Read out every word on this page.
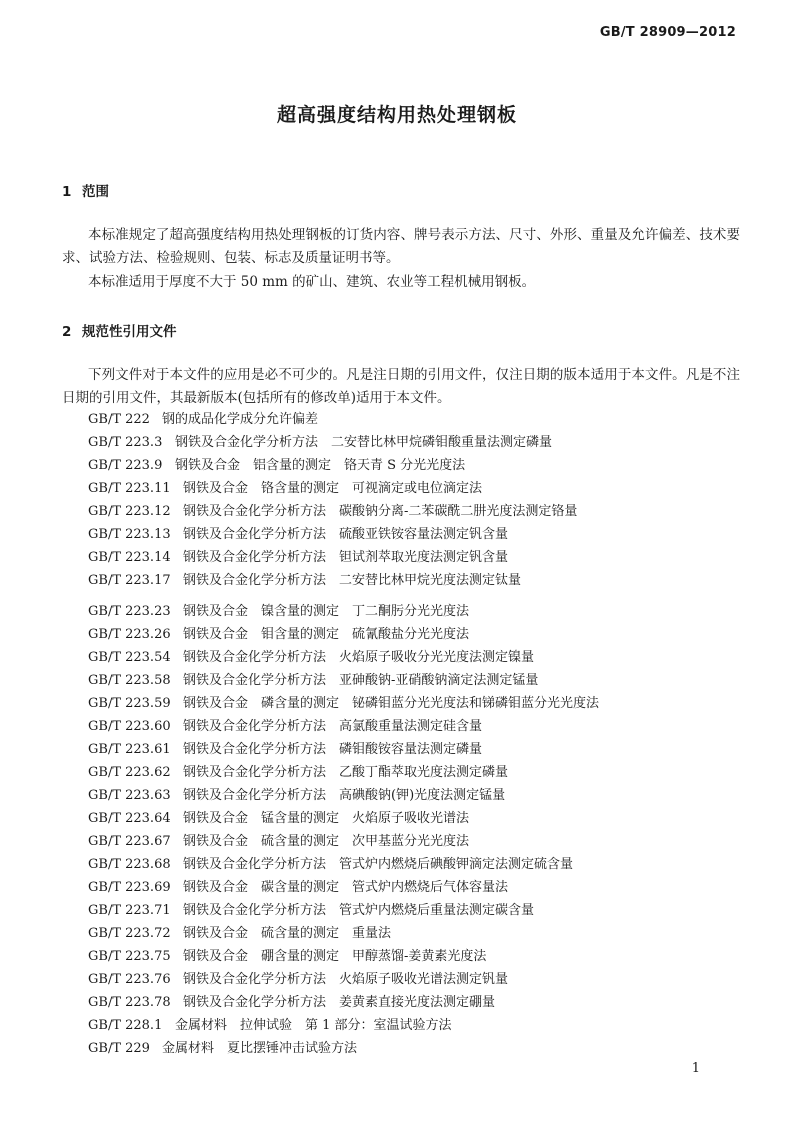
GB/T 28909—2012
超高强度结构用热处理钢板
1 范围

本标准规定了超高强度结构用热处理钢板的订货内容、牌号表示方法、尺寸、外形、重量及允许偏差、技术要求、试验方法、检验规则、包装、标志及质量证明书等。

本标准适用于厚度不大于 50 mm 的矿山、建筑、农业等工程机械用钢板。

2 规范性引用文件

下列文件对于本文件的应用是必不可少的。凡是注日期的引用文件，仅注日期的版本适用于本文件。凡是不注日期的引用文件，其最新版本(包括所有的修改单)适用于本文件。

GB/T 222 钢的成品化学成分允许偏差
GB/T 223.3 钢铁及合金化学分析方法　二安替比林甲烷磷钼酸重量法测定磷量
GB/T 223.9 钢铁及合金　铝含量的测定　铬天青 S 分光光度法
GB/T 223.11 钢铁及合金　铬含量的测定　可视滴定或电位滴定法
GB/T 223.12 钢铁及合金化学分析方法　碳酸钠分离-二苯碳酰二肼光度法测定铬量
GB/T 223.13 钢铁及合金化学分析方法　硫酸亚铁铵容量法测定钒含量
GB/T 223.14 钢铁及合金化学分析方法　钽试剂萃取光度法测定钒含量
GB/T 223.17 钢铁及合金化学分析方法　二安替比林甲烷光度法测定钛量
GB/T 223.23 钢铁及合金　镍含量的测定　丁二酮肟分光光度法
GB/T 223.26 钢铁及合金　钼含量的测定　硫氰酸盐分光光度法
GB/T 223.54 钢铁及合金化学分析方法　火焰原子吸收分光光度法测定镍量
GB/T 223.58 钢铁及合金化学分析方法　亚砷酸钠-亚硝酸钠滴定法测定锰量
GB/T 223.59 钢铁及合金　磷含量的测定　铋磷钼蓝分光光度法和锑磷钼蓝分光光度法
GB/T 223.60 钢铁及合金化学分析方法　高氯酸重量法测定硅含量
GB/T 223.61 钢铁及合金化学分析方法　磷钼酸铵容量法测定磷量
GB/T 223.62 钢铁及合金化学分析方法　乙酸丁酯萃取光度法测定磷量
GB/T 223.63 钢铁及合金化学分析方法　高碘酸钠(钾)光度法测定锰量
GB/T 223.64 钢铁及合金　锰含量的测定　火焰原子吸收光谱法
GB/T 223.67 钢铁及合金　硫含量的测定　次甲基蓝分光光度法
GB/T 223.68 钢铁及合金化学分析方法　管式炉内燃烧后碘酸钾滴定法测定硫含量
GB/T 223.69 钢铁及合金　碳含量的测定　管式炉内燃烧后气体容量法
GB/T 223.71 钢铁及合金化学分析方法　管式炉内燃烧后重量法测定碳含量
GB/T 223.72 钢铁及合金　硫含量的测定　重量法
GB/T 223.75 钢铁及合金　硼含量的测定　甲醇蒸馏-姜黄素光度法
GB/T 223.76 钢铁及合金化学分析方法　火焰原子吸收光谱法测定钒量
GB/T 223.78 钢铁及合金化学分析方法　姜黄素直接光度法测定硼量
GB/T 228.1 金属材料　拉伸试验　第 1 部分：室温试验方法
GB/T 229 金属材料　夏比摆锤冲击试验方法
1
